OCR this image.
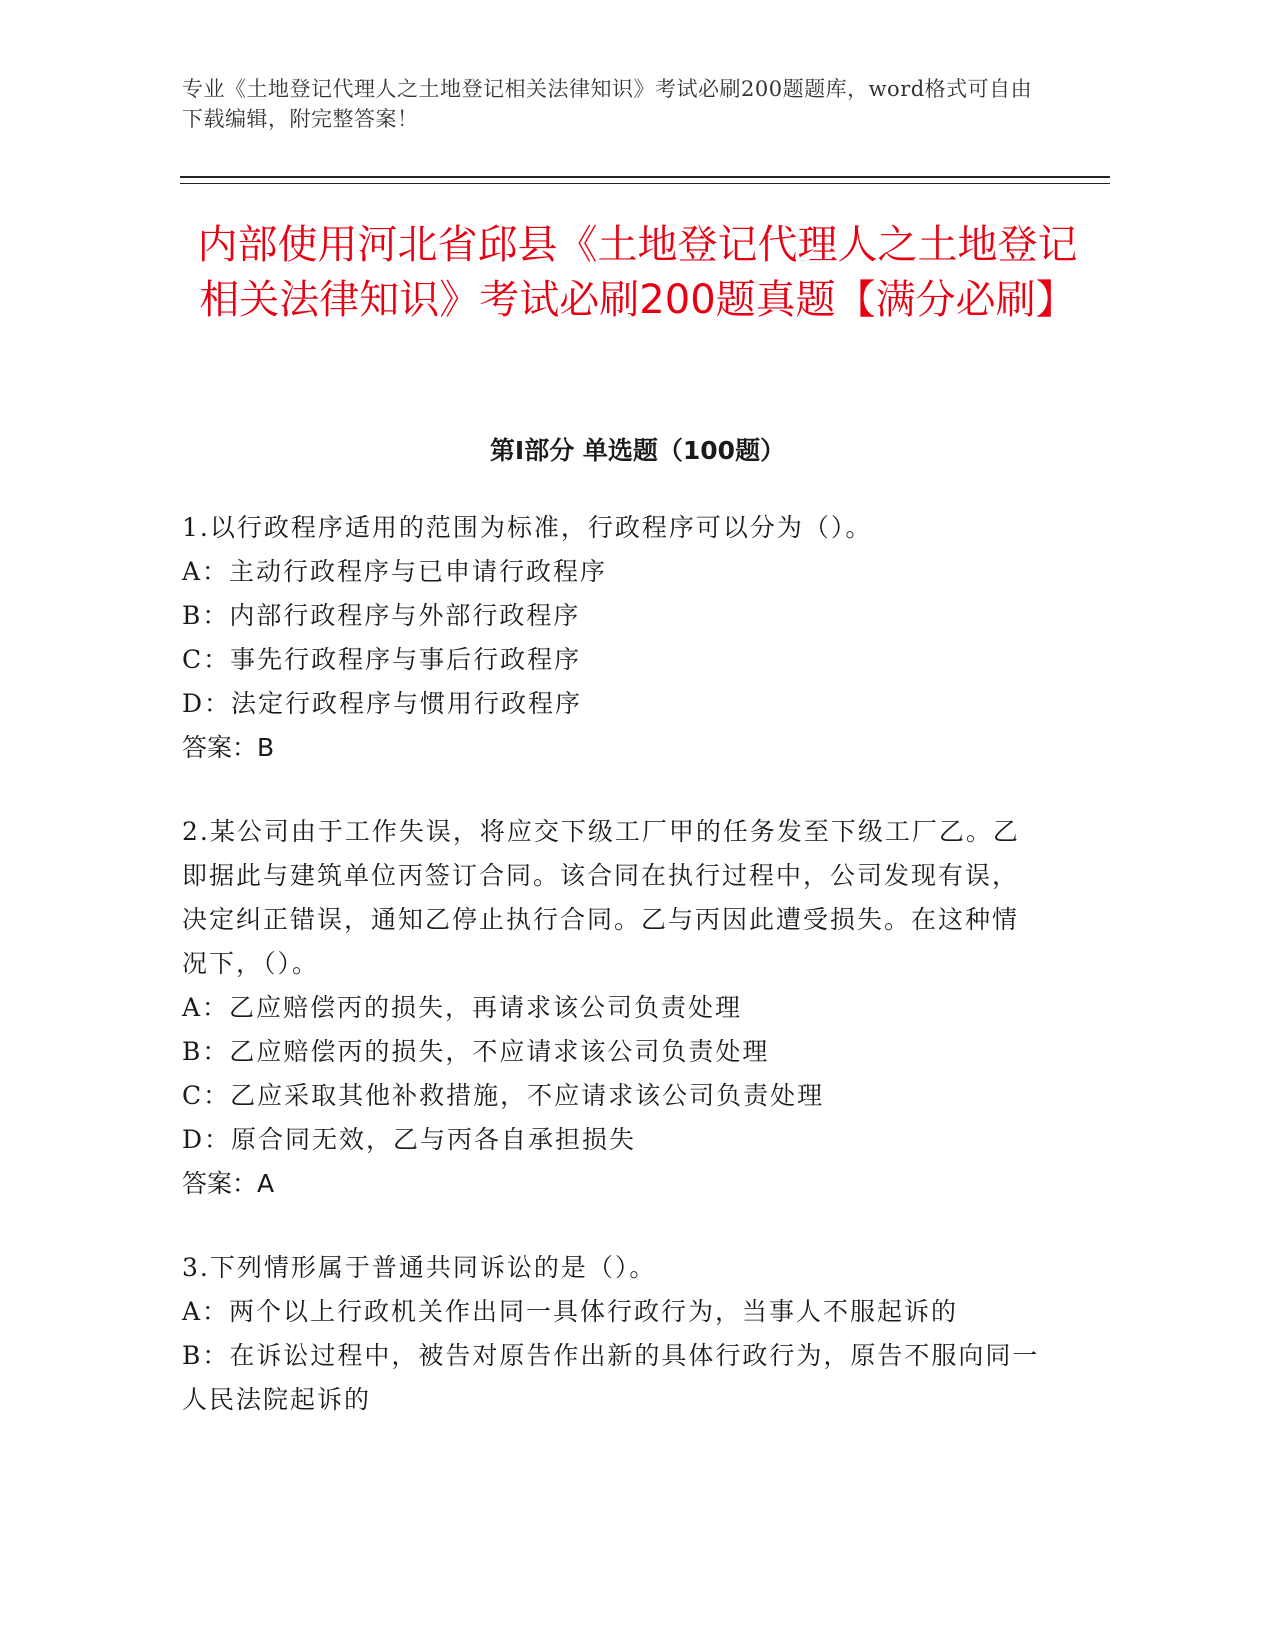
专业《土地登记代理人之土地登记相关法律知识》考试必刷200题题库，word格式可自由下载编辑，附完整答案！
内部使用河北省邱县《土地登记代理人之土地登记相关法律知识》考试必刷200题真题【满分必刷】
第Ⅰ部分 单选题（100题）
1.以行政程序适用的范围为标准，行政程序可以分为（）。
A：主动行政程序与已申请行政程序
B：内部行政程序与外部行政程序
C：事先行政程序与事后行政程序
D：法定行政程序与惯用行政程序
答案：B
2.某公司由于工作失误，将应交下级工厂甲的任务发至下级工厂乙。乙即据此与建筑单位丙签订合同。该合同在执行过程中，公司发现有误，决定纠正错误，通知乙停止执行合同。乙与丙因此遭受损失。在这种情况下，（）。
A：乙应赔偿丙的损失，再请求该公司负责处理
B：乙应赔偿丙的损失，不应请求该公司负责处理
C：乙应采取其他补救措施，不应请求该公司负责处理
D：原合同无效，乙与丙各自承担损失
答案：A
3.下列情形属于普通共同诉讼的是（）。
A：两个以上行政机关作出同一具体行政行为，当事人不服起诉的
B：在诉讼过程中，被告对原告作出新的具体行政行为，原告不服向同一人民法院起诉的
